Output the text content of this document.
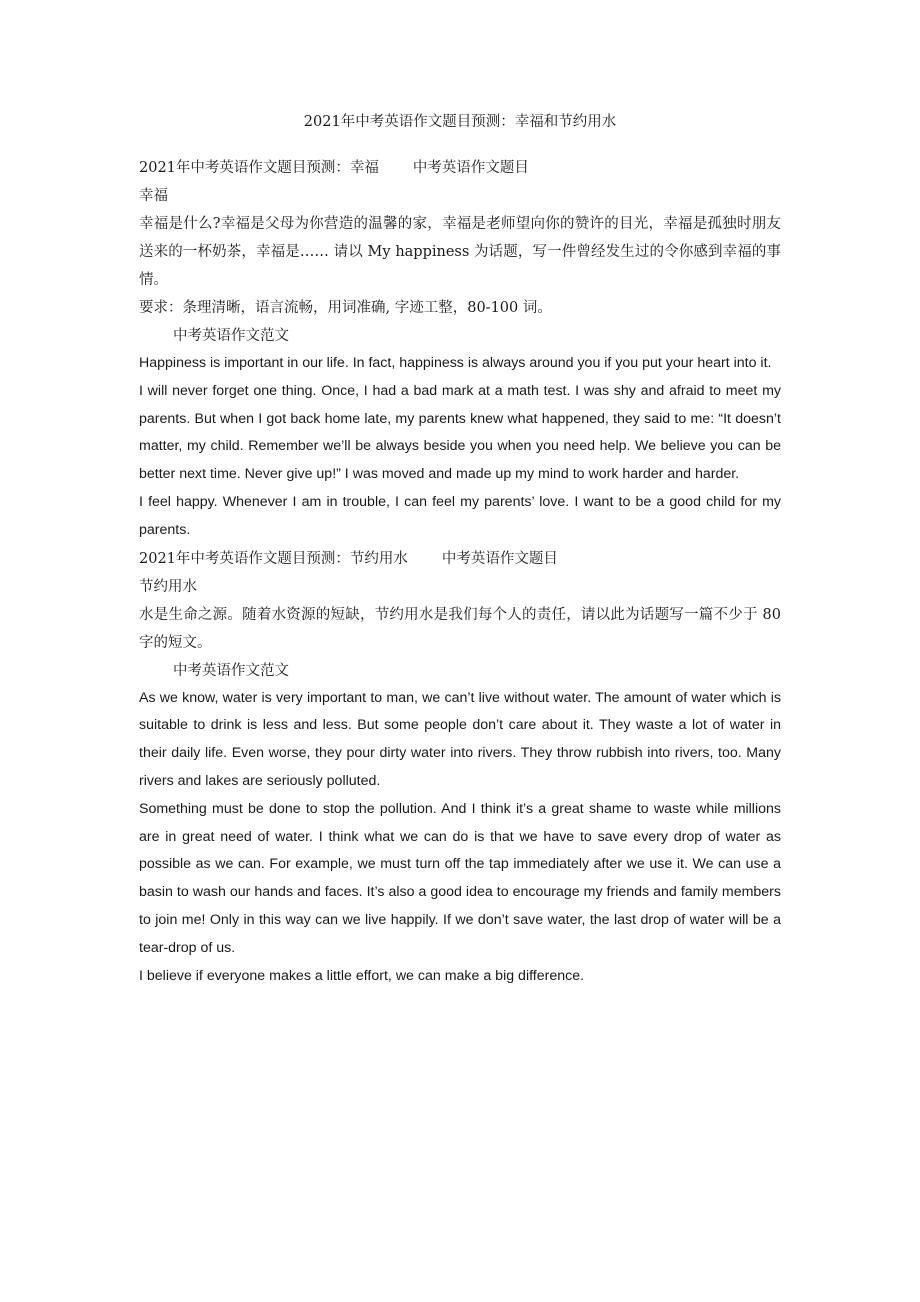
2021年中考英语作文题目预测：幸福和节约用水

2021年中考英语作文题目预测：幸福 中考英语作文题目

幸福

幸福是什么?幸福是父母为你营造的温馨的家，幸福是老师望向你的赞许的目光，幸福是孤独时朋友送来的一杯奶茶，幸福是…… 请以 My happiness 为话题，写一件曾经发生过的令你感到幸福的事情。

要求：条理清晰，语言流畅，用词准确, 字迹工整，80-100 词。

中考英语作文范文

Happiness is important in our life. In fact, happiness is always around you if you put your heart into it.

I will never forget one thing. Once, I had a bad mark at a math test. I was shy and afraid to meet my parents. But when I got back home late, my parents knew what happened, they said to me: “It doesn’t matter, my child. Remember we’ll be always beside you when you need help. We believe you can be better next time. Never give up!” I was moved and made up my mind to work harder and harder.

I feel happy. Whenever I am in trouble, I can feel my parents’ love. I want to be a good child for my parents.

2021年中考英语作文题目预测：节约用水 中考英语作文题目

节约用水

水是生命之源。随着水资源的短缺，节约用水是我们每个人的责任，请以此为话题写一篇不少于 80 字的短文。

中考英语作文范文

As we know, water is very important to man, we can’t live without water. The amount of water which is suitable to drink is less and less. But some people don’t care about it. They waste a lot of water in their daily life. Even worse, they pour dirty water into rivers. They throw rubbish into rivers, too. Many rivers and lakes are seriously polluted.

Something must be done to stop the pollution. And I think it’s a great shame to waste while millions are in great need of water. I think what we can do is that we have to save every drop of water as possible as we can. For example, we must turn off the tap immediately after we use it. We can use a basin to wash our hands and faces. It’s also a good idea to encourage my friends and family members to join me! Only in this way can we live happily. If we don’t save water, the last drop of water will be a tear-drop of us.

I believe if everyone makes a little effort, we can make a big difference.
